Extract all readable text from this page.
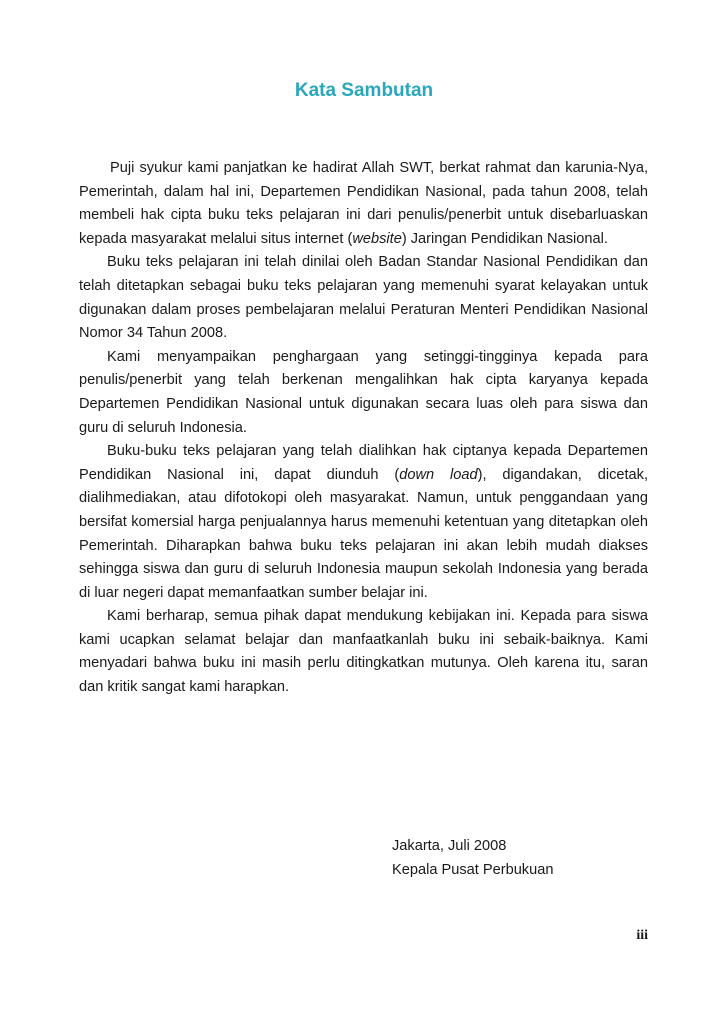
Kata Sambutan

Puji syukur kami panjatkan ke hadirat Allah SWT, berkat rahmat dan karunia-Nya, Pemerintah, dalam hal ini, Departemen Pendidikan Nasional, pada tahun 2008, telah membeli hak cipta buku teks pelajaran ini dari penulis/penerbit untuk disebarluaskan kepada masyarakat melalui situs internet (website) Jaringan Pendidikan Nasional.

Buku teks pelajaran ini telah dinilai oleh Badan Standar Nasional Pendidikan dan telah ditetapkan sebagai buku teks pelajaran yang memenuhi syarat kelayakan untuk digunakan dalam proses pembelajaran melalui Peraturan Menteri Pendidikan Nasional Nomor 34 Tahun 2008.

Kami menyampaikan penghargaan yang setinggi-tingginya kepada para penulis/penerbit yang telah berkenan mengalihkan hak cipta karyanya kepada Departemen Pendidikan Nasional untuk digunakan secara luas oleh para siswa dan guru di seluruh Indonesia.

Buku-buku teks pelajaran yang telah dialihkan hak ciptanya kepada Departemen Pendidikan Nasional ini, dapat diunduh (down load), digandakan, dicetak, dialihmediakan, atau difotokopi oleh masyarakat. Namun, untuk penggandaan yang bersifat komersial harga penjualannya harus memenuhi ketentuan yang ditetapkan oleh Pemerintah. Diharapkan bahwa buku teks pelajaran ini akan lebih mudah diakses sehingga siswa dan guru di seluruh Indonesia maupun sekolah Indonesia yang berada di luar negeri dapat memanfaatkan sumber belajar ini.

Kami berharap, semua pihak dapat mendukung kebijakan ini. Kepada para siswa kami ucapkan selamat belajar dan manfaatkanlah buku ini sebaik-baiknya. Kami menyadari bahwa buku ini masih perlu ditingkatkan mutunya. Oleh karena itu, saran dan kritik sangat kami harapkan.

Jakarta, Juli 2008
Kepala Pusat Perbukuan
iii
